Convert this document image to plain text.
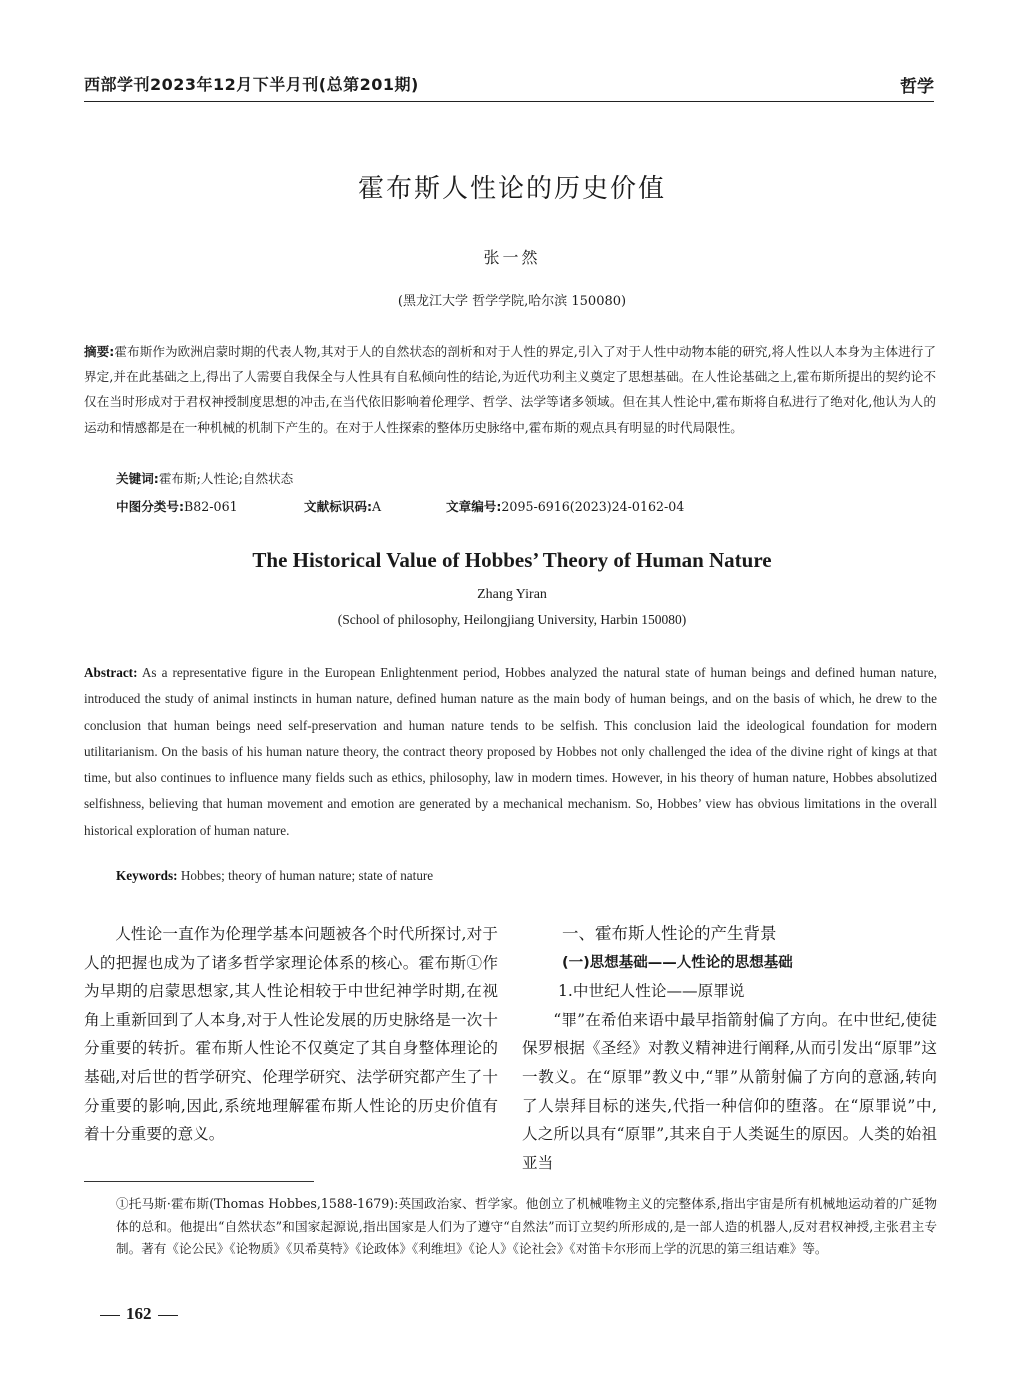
西部学刊2023年12月下半月刊(总第201期)	哲学
霍布斯人性论的历史价值
张一然
(黑龙江大学 哲学学院,哈尔滨 150080)
摘要:霍布斯作为欧洲启蒙时期的代表人物,其对于人的自然状态的剖析和对于人性的界定,引入了对于人性中动物本能的研究,将人性以人本身为主体进行了界定,并在此基础之上,得出了人需要自我保全与人性具有自私倾向性的结论,为近代功利主义奠定了思想基础。在人性论基础之上,霍布斯所提出的契约论不仅在当时形成对于君权神授制度思想的冲击,在当代依旧影响着伦理学、哲学、法学等诸多领域。但在其人性论中,霍布斯将自私进行了绝对化,他认为人的运动和情感都是在一种机械的机制下产生的。在对于人性探索的整体历史脉络中,霍布斯的观点具有明显的时代局限性。
关键词:霍布斯;人性论;自然状态
中图分类号:B82-061	文献标识码:A	文章编号:2095-6916(2023)24-0162-04
The Historical Value of Hobbes’ Theory of Human Nature
Zhang Yiran
(School of philosophy, Heilongjiang University, Harbin 150080)
Abstract: As a representative figure in the European Enlightenment period, Hobbes analyzed the natural state of human beings and defined human nature, introduced the study of animal instincts in human nature, defined human nature as the main body of human beings, and on the basis of which, he drew to the conclusion that human beings need self-preservation and human nature tends to be selfish. This conclusion laid the ideological foundation for modern utilitarianism. On the basis of his human nature theory, the contract theory proposed by Hobbes not only challenged the idea of the divine right of kings at that time, but also continues to influence many fields such as ethics, philosophy, law in modern times. However, in his theory of human nature, Hobbes absolutized selfishness, believing that human movement and emotion are generated by a mechanical mechanism. So, Hobbes’ view has obvious limitations in the overall historical exploration of human nature.
Keywords: Hobbes; theory of human nature; state of nature

人性论一直作为伦理学基本问题被各个时代所探讨,对于人的把握也成为了诸多哲学家理论体系的核心。霍布斯①作为早期的启蒙思想家,其人性论相较于中世纪神学时期,在视角上重新回到了人本身,对于人性论发展的历史脉络是一次十分重要的转折。霍布斯人性论不仅奠定了其自身整体理论的基础,对后世的哲学研究、伦理学研究、法学研究都产生了十分重要的影响,因此,系统地理解霍布斯人性论的历史价值有着十分重要的意义。

一、霍布斯人性论的产生背景
(一)思想基础——人性论的思想基础
1.中世纪人性论——原罪说

“罪”在希伯来语中最早指箭射偏了方向。在中世纪,使徒保罗根据《圣经》对教义精神进行阐释,从而引发出“原罪”这一教义。在“原罪”教义中,“罪”从箭射偏了方向的意涵,转向了人崇拜目标的迷失,代指一种信仰的堕落。在“原罪说”中,人之所以具有“原罪”,其来自于人类诞生的原因。人类的始祖亚当

①托马斯·霍布斯(Thomas Hobbes,1588-1679):英国政治家、哲学家。他创立了机械唯物主义的完整体系,指出宇宙是所有机械地运动着的广延物体的总和。他提出“自然状态”和国家起源说,指出国家是人们为了遵守“自然法”而订立契约所形成的,是一部人造的机器人,反对君权神授,主张君主专制。著有《论公民》《论物质》《贝希莫特》《论政体》《利维坦》《论人》《论社会》《对笛卡尔形而上学的沉思的第三组诘难》等。
162
